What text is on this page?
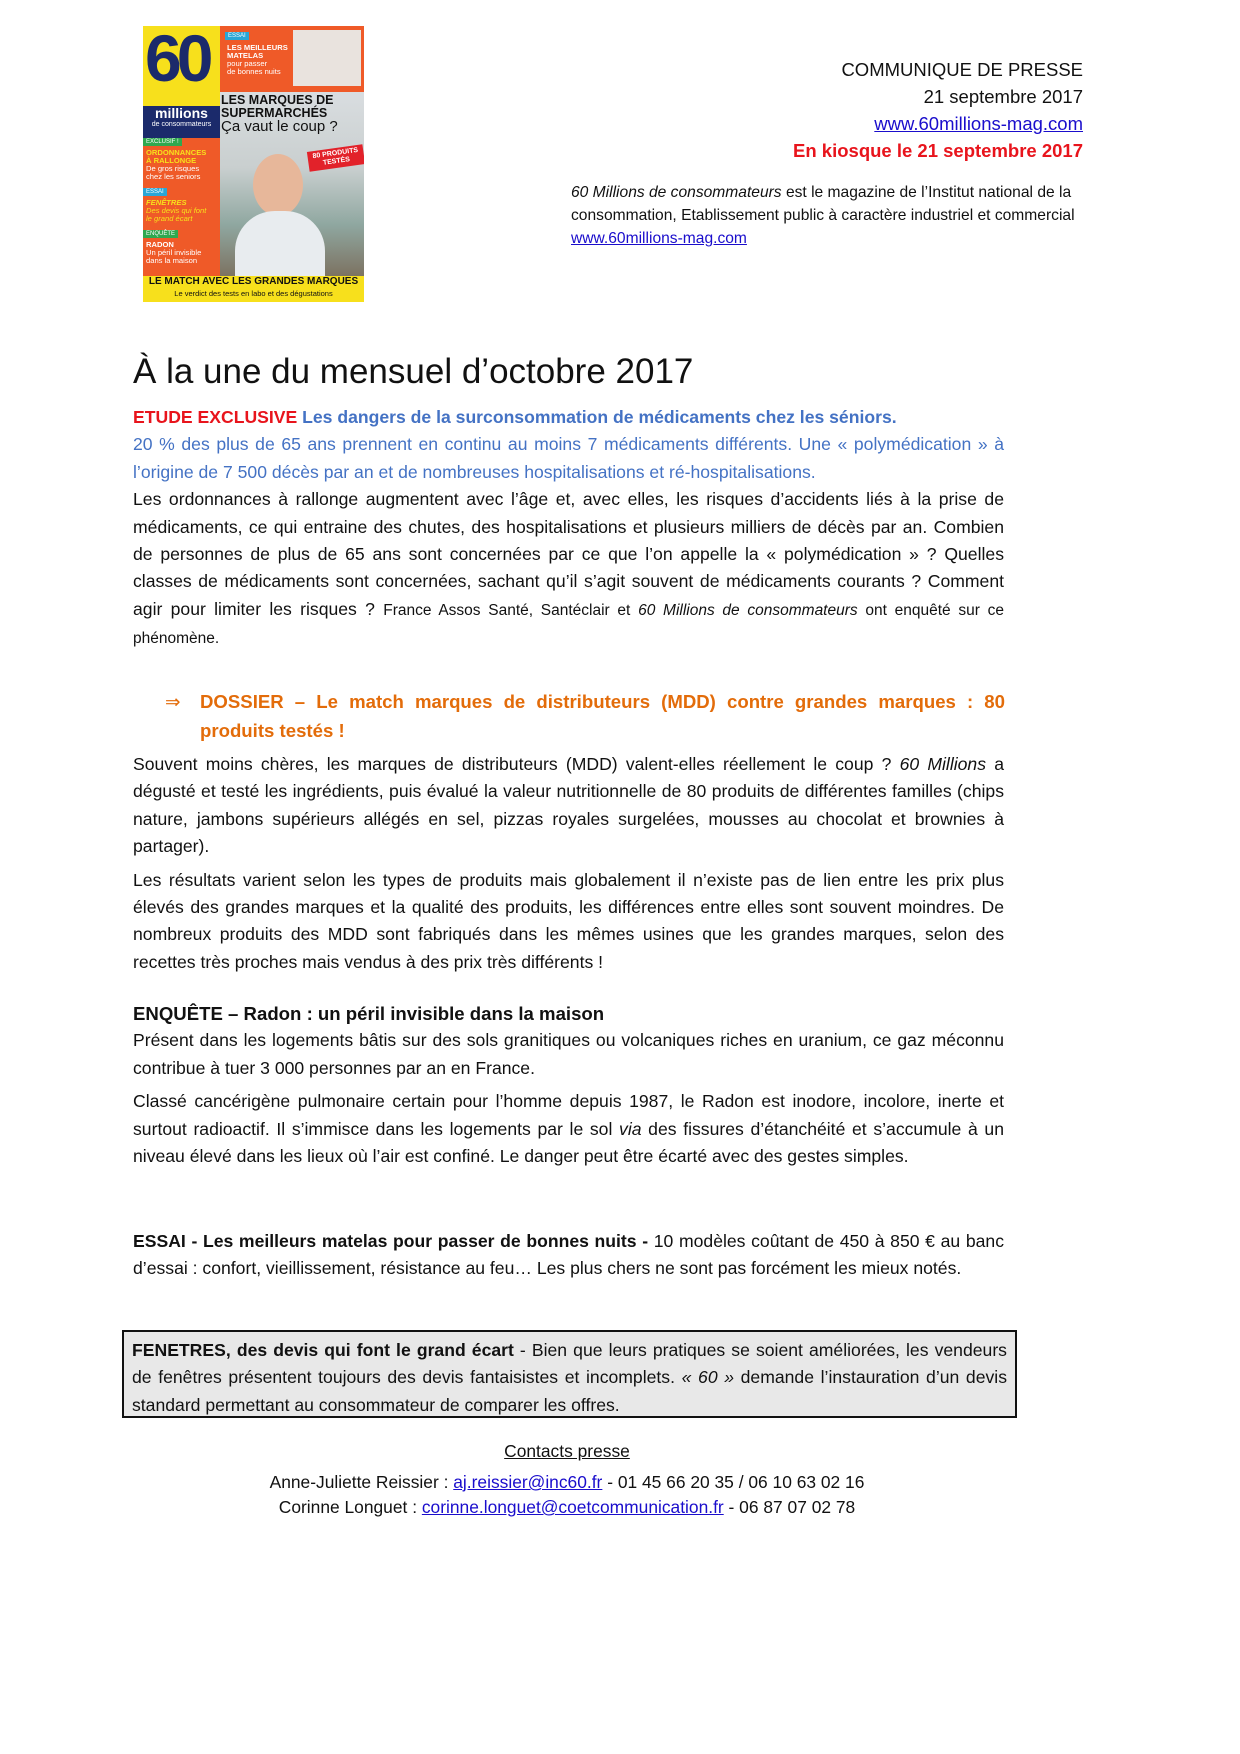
60
millions
de consommateurs
ESSAI
LES MEILLEURS
MATELAS
pour passer
de bonnes nuits
LES MARQUES DE
SUPERMARCHÉS
Ça vaut le coup ?
80 PRODUITS TESTÉS
EXCLUSIF !
ORDONNANCES
À RALLONGE
De gros risques
chez les seniors
ESSAI
FENÊTRES
Des devis qui font
le grand écart
ENQUÊTE
RADON
Un péril invisible
dans la maison
LE MATCH AVEC LES GRANDES MARQUES
Le verdict des tests en labo et des dégustations
COMMUNIQUE DE PRESSE
21 septembre 2017
www.60millions-mag.com
En kiosque le 21 septembre 2017
60 Millions de consommateurs est le magazine de l’Institut national de la consommation, Etablissement public à caractère industriel et commercial www.60millions-mag.com
À la une du mensuel d’octobre 2017
ETUDE EXCLUSIVE Les dangers de la surconsommation de médicaments chez les séniors.
20 % des plus de 65 ans prennent en continu au moins 7 médicaments différents. Une « polymédication » à l’origine de 7 500 décès par an et de nombreuses hospitalisations et ré-hospitalisations.
Les ordonnances à rallonge augmentent avec l’âge et, avec elles, les risques d’accidents liés à la prise de médicaments, ce qui entraine des chutes, des hospitalisations et plusieurs milliers de décès par an. Combien de personnes de plus de 65 ans sont concernées par ce que l’on appelle la « polymédication » ? Quelles classes de médicaments sont concernées, sachant qu’il s’agit souvent de médicaments courants ? Comment agir pour limiter les risques ? France Assos Santé, Santéclair et 60 Millions de consommateurs ont enquêté sur ce phénomène.
⇒	DOSSIER – Le match marques de distributeurs (MDD) contre grandes marques : 80 produits testés !
Souvent moins chères, les marques de distributeurs (MDD) valent-elles réellement le coup ? 60 Millions a dégusté et testé les ingrédients, puis évalué la valeur nutritionnelle de 80 produits de différentes familles (chips nature, jambons supérieurs allégés en sel, pizzas royales surgelées, mousses au chocolat et brownies à partager).
Les résultats varient selon les types de produits mais globalement il n’existe pas de lien entre les prix plus élevés des grandes marques et la qualité des produits, les différences entre elles sont souvent moindres. De nombreux produits des MDD sont fabriqués dans les mêmes usines que les grandes marques, selon des recettes très proches mais vendus à des prix très différents !
ENQUÊTE – Radon : un péril invisible dans la maison
Présent dans les logements bâtis sur des sols granitiques ou volcaniques riches en uranium, ce gaz méconnu contribue à tuer 3 000 personnes par an en France.
Classé cancérigène pulmonaire certain pour l’homme depuis 1987, le Radon est inodore, incolore, inerte et surtout radioactif. Il s’immisce dans les logements par le sol via des fissures d’étanchéité et s’accumule à un niveau élevé dans les lieux où l’air est confiné. Le danger peut être écarté avec des gestes simples.
ESSAI - Les meilleurs matelas pour passer de bonnes nuits - 10 modèles coûtant de 450 à 850 € au banc d’essai : confort, vieillissement, résistance au feu… Les plus chers ne sont pas forcément les mieux notés.
FENETRES, des devis qui font le grand écart - Bien que leurs pratiques se soient améliorées, les vendeurs de fenêtres présentent toujours des devis fantaisistes et incomplets. « 60 » demande l’instauration d’un devis standard permettant au consommateur de comparer les offres.
Contacts presse
Anne-Juliette Reissier : aj.reissier@inc60.fr - 01 45 66 20 35 / 06 10 63 02 16
Corinne Longuet : corinne.longuet@coetcommunication.fr - 06 87 07 02 78
